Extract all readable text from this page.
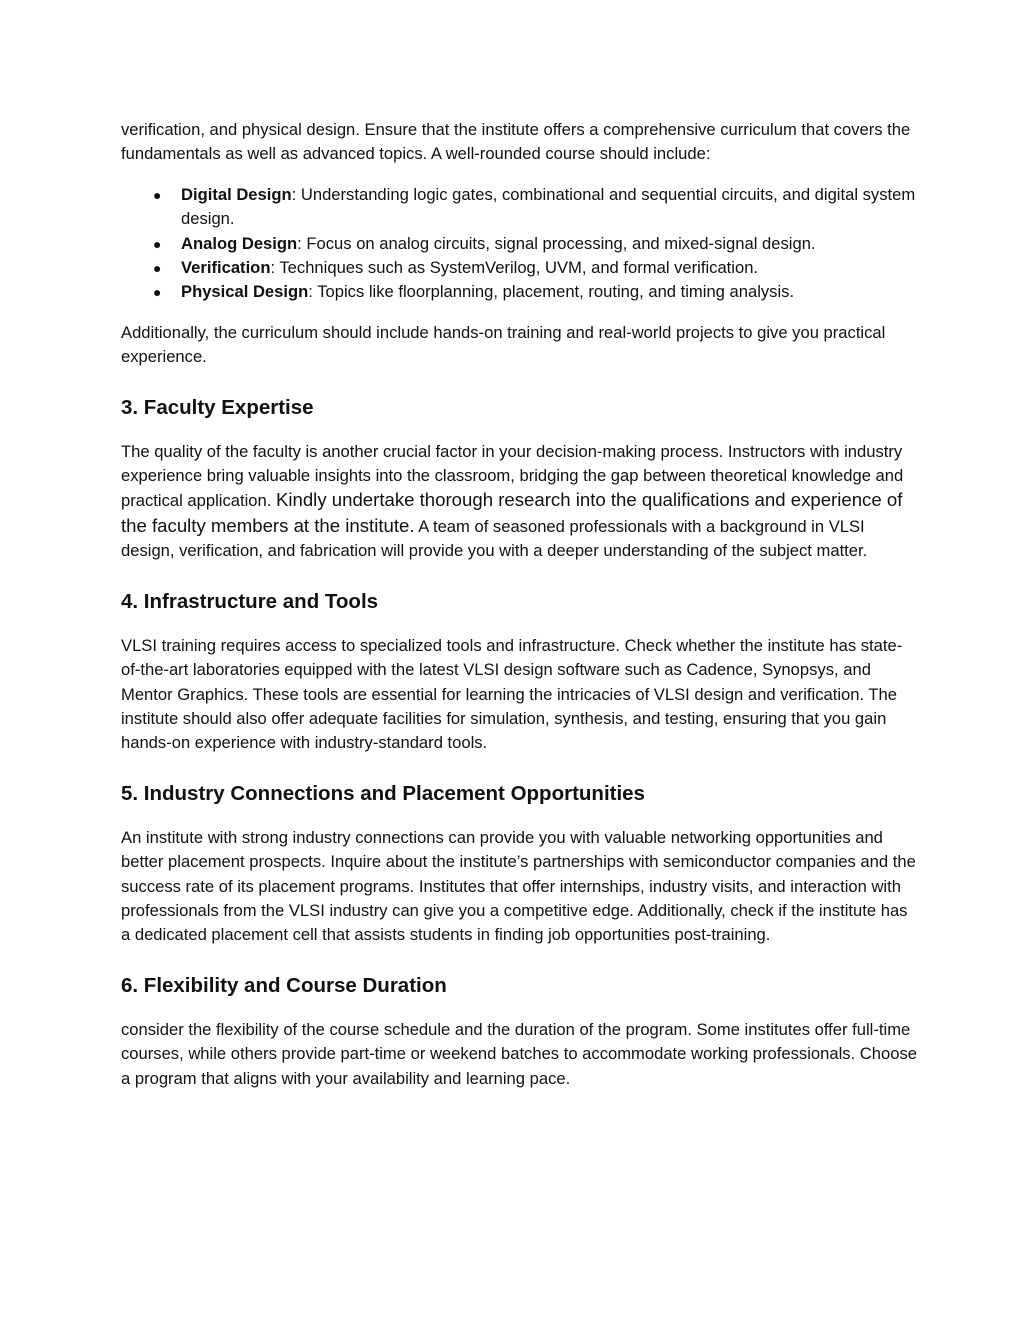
verification, and physical design. Ensure that the institute offers a comprehensive curriculum that covers the fundamentals as well as advanced topics. A well-rounded course should include:

● Digital Design: Understanding logic gates, combinational and sequential circuits, and digital system design.
● Analog Design: Focus on analog circuits, signal processing, and mixed-signal design.
● Verification: Techniques such as SystemVerilog, UVM, and formal verification.
● Physical Design: Topics like floorplanning, placement, routing, and timing analysis.

Additionally, the curriculum should include hands-on training and real-world projects to give you practical experience.

3. Faculty Expertise

The quality of the faculty is another crucial factor in your decision-making process. Instructors with industry experience bring valuable insights into the classroom, bridging the gap between theoretical knowledge and practical application. Kindly undertake thorough research into the qualifications and experience of the faculty members at the institute. A team of seasoned professionals with a background in VLSI design, verification, and fabrication will provide you with a deeper understanding of the subject matter.

4. Infrastructure and Tools

VLSI training requires access to specialized tools and infrastructure. Check whether the institute has state-of-the-art laboratories equipped with the latest VLSI design software such as Cadence, Synopsys, and Mentor Graphics. These tools are essential for learning the intricacies of VLSI design and verification. The institute should also offer adequate facilities for simulation, synthesis, and testing, ensuring that you gain hands-on experience with industry-standard tools.

5. Industry Connections and Placement Opportunities

An institute with strong industry connections can provide you with valuable networking opportunities and better placement prospects. Inquire about the institute’s partnerships with semiconductor companies and the success rate of its placement programs. Institutes that offer internships, industry visits, and interaction with professionals from the VLSI industry can give you a competitive edge. Additionally, check if the institute has a dedicated placement cell that assists students in finding job opportunities post-training.

6. Flexibility and Course Duration

consider the flexibility of the course schedule and the duration of the program. Some institutes offer full-time courses, while others provide part-time or weekend batches to accommodate working professionals. Choose a program that aligns with your availability and learning pace.
